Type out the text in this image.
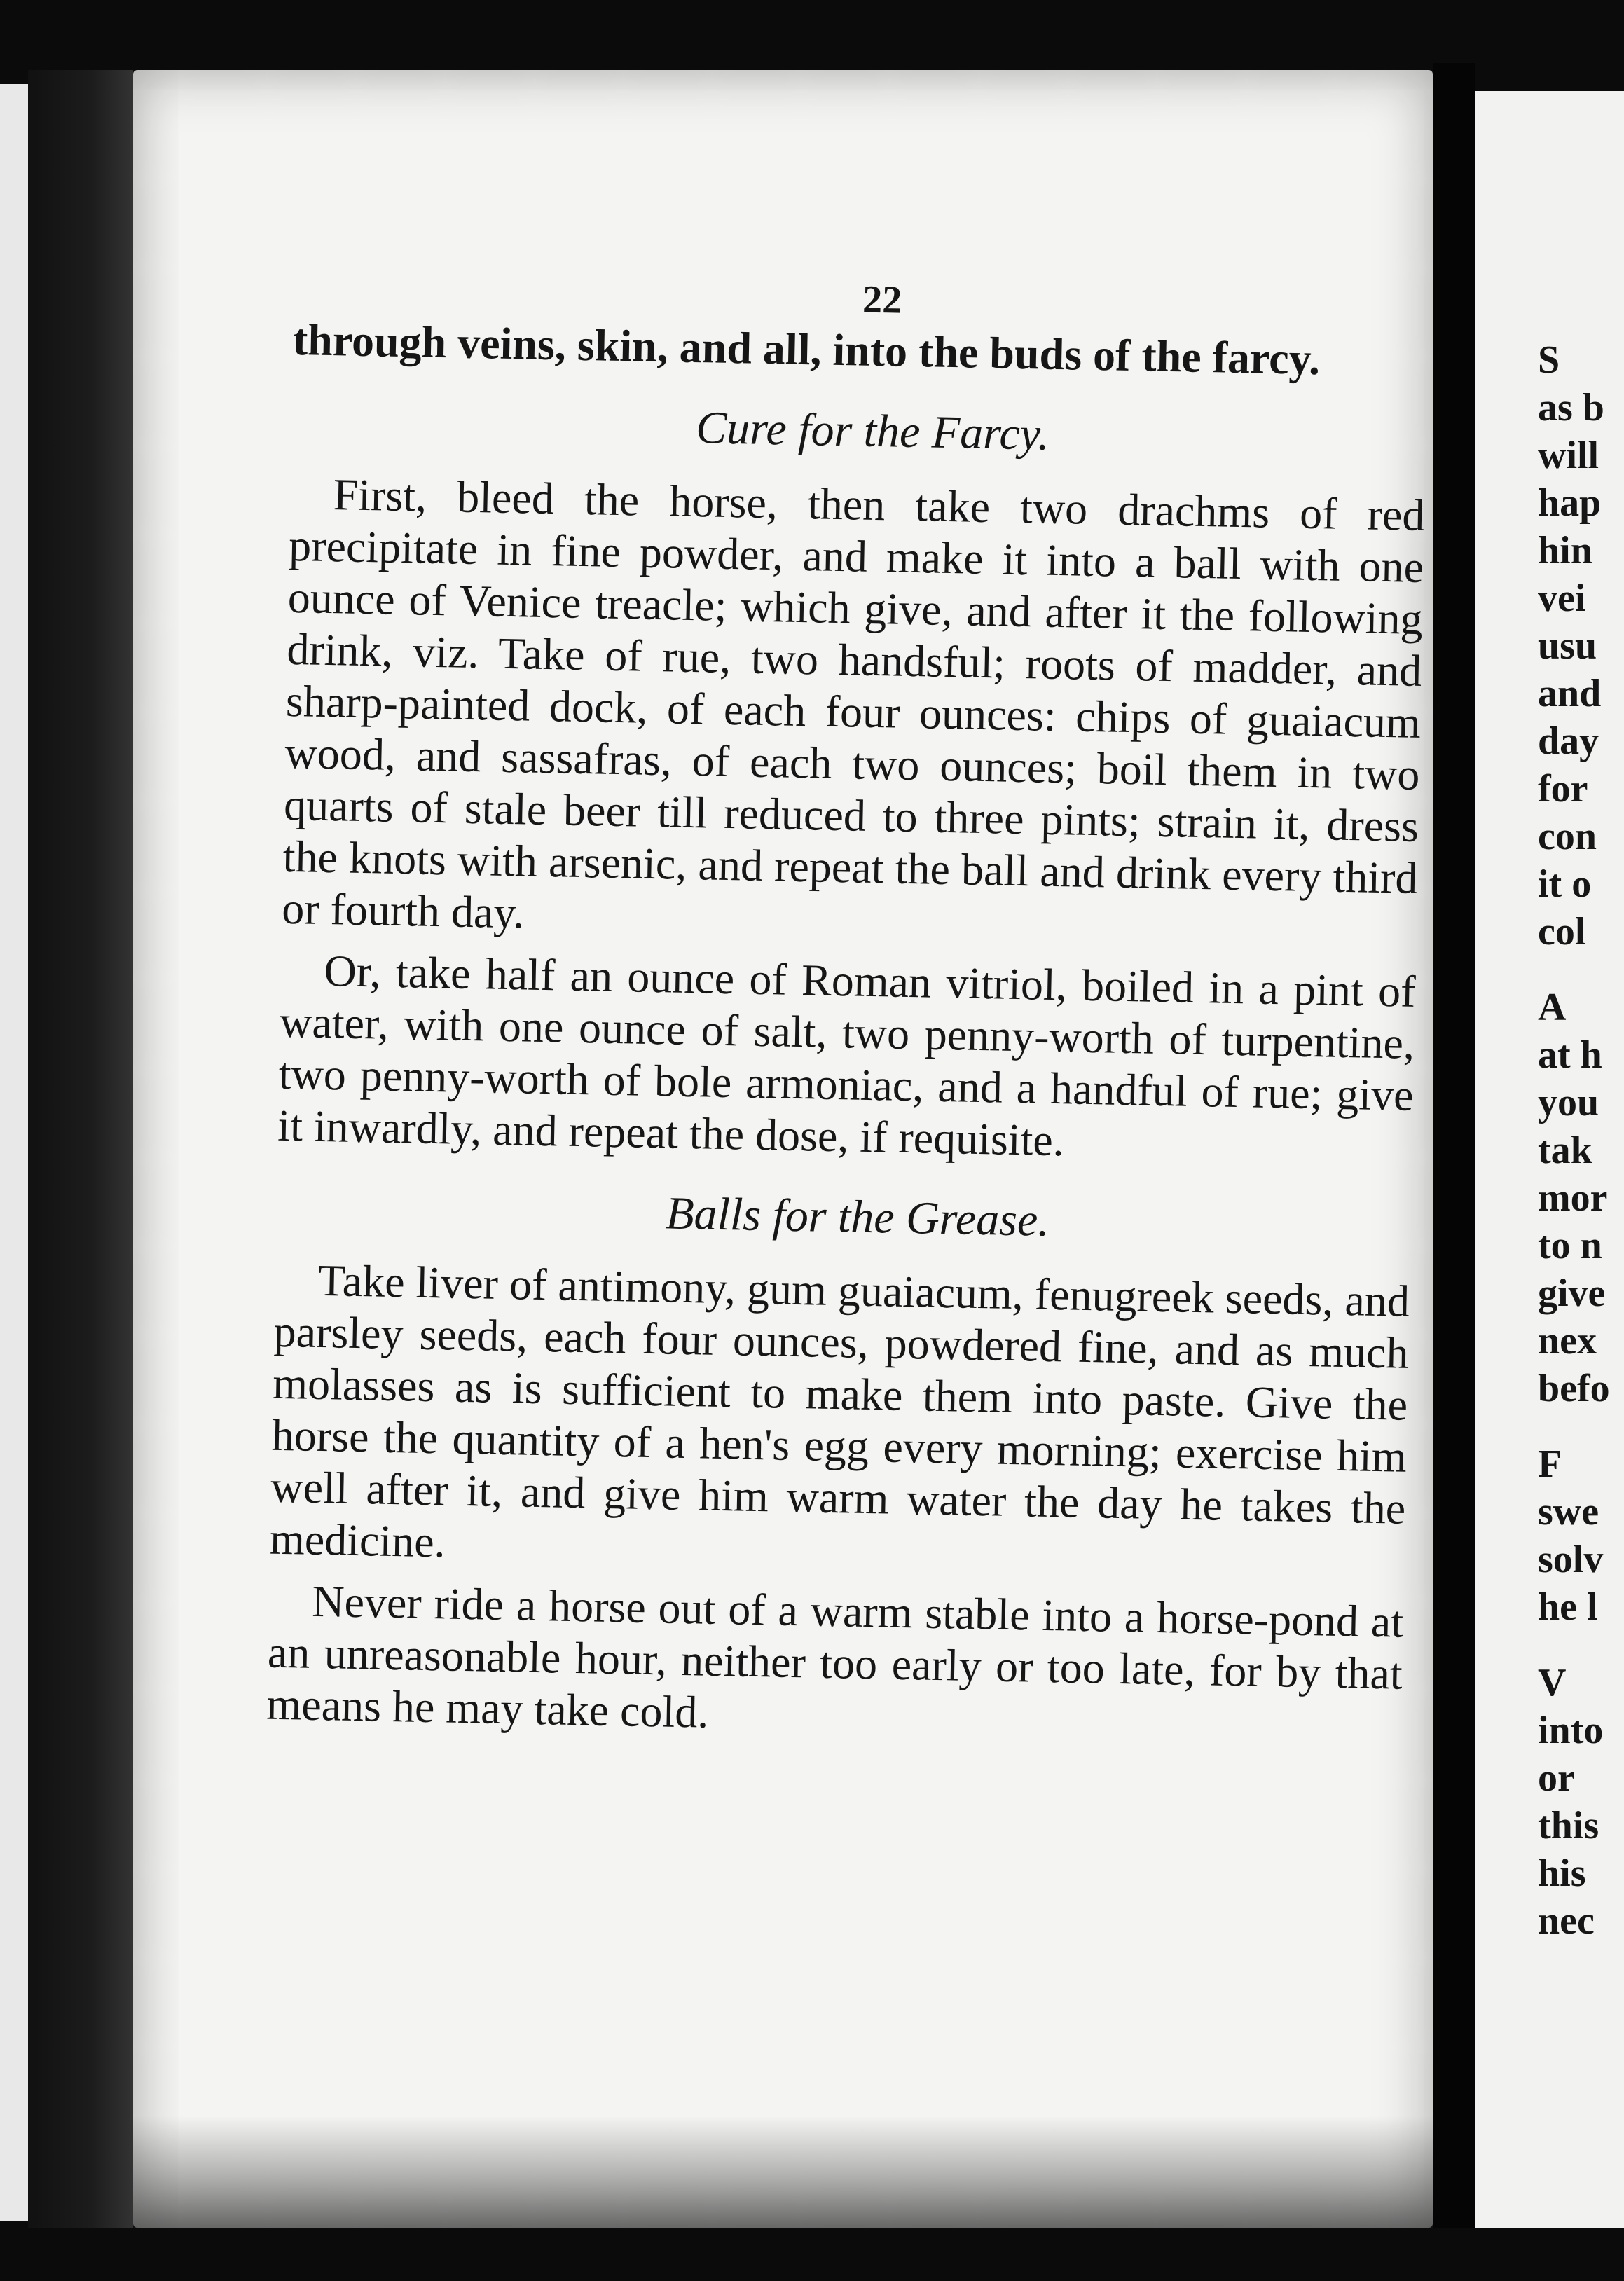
22

through veins, skin, and all, into the buds of the farcy.

Cure for the Farcy.

First, bleed the horse, then take two drachms of red precipitate in fine powder, and make it into a ball with one ounce of Venice treacle; which give, and after it the following drink, viz. Take of rue, two handsful; roots of madder, and sharp-painted dock, of each four ounces: chips of guaiacum wood, and sassafras, of each two ounces; boil them in two quarts of stale beer till reduced to three pints; strain it, dress the knots with arsenic, and repeat the ball and drink every third or fourth day.

Or, take half an ounce of Roman vitriol, boiled in a pint of water, with one ounce of salt, two penny-worth of turpentine, two penny-worth of bole armoniac, and a handful of rue; give it inwardly, and repeat the dose, if requisite.

Balls for the Grease.

Take liver of antimony, gum guaiacum, fenugreek seeds, and parsley seeds, each four ounces, powdered fine, and as much molasses as is sufficient to make them into paste. Give the horse the quantity of a hen's egg every morning; exercise him well after it, and give him warm water the day he takes the medicine.

Never ride a horse out of a warm stable into a horse-pond at an unreasonable hour, neither too early or too late, for by that means he may take cold.

S
as b
will
hap
hin
vei
usu
and
day
for
con
it o
col
A
at h
you
tak
mor
to n
give
nex
befo
F
swe
solv
he l
V
into
or
this
his
nec
